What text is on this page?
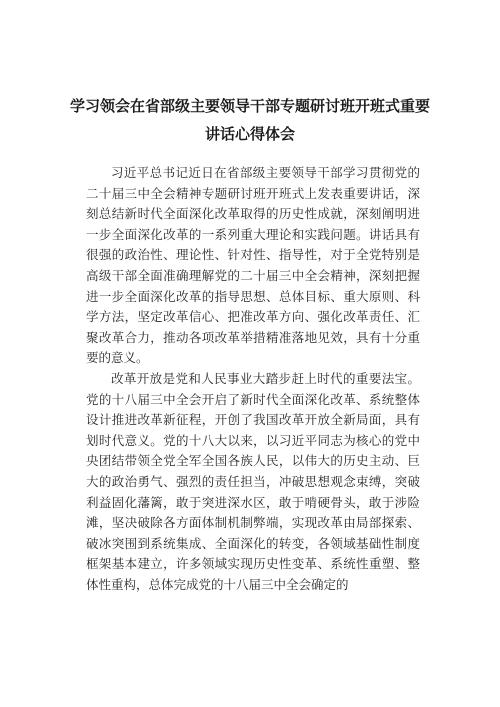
学习领会在省部级主要领导干部专题研讨班开班式重要
讲话心得体会

习近平总书记近日在省部级主要领导干部学习贯彻党的二十届三中全会精神专题研讨班开班式上发表重要讲话，深刻总结新时代全面深化改革取得的历史性成就，深刻阐明进一步全面深化改革的一系列重大理论和实践问题。讲话具有很强的政治性、理论性、针对性、指导性，对于全党特别是高级干部全面准确理解党的二十届三中全会精神，深刻把握进一步全面深化改革的指导思想、总体目标、重大原则、科学方法，坚定改革信心、把准改革方向、强化改革责任、汇聚改革合力，推动各项改革举措精准落地见效，具有十分重要的意义。

改革开放是党和人民事业大踏步赶上时代的重要法宝。党的十八届三中全会开启了新时代全面深化改革、系统整体设计推进改革新征程，开创了我国改革开放全新局面，具有划时代意义。党的十八大以来，以习近平同志为核心的党中央团结带领全党全军全国各族人民，以伟大的历史主动、巨大的政治勇气、强烈的责任担当，冲破思想观念束缚，突破利益固化藩篱，敢于突进深水区，敢于啃硬骨头，敢于涉险滩，坚决破除各方面体制机制弊端，实现改革由局部探索、破冰突围到系统集成、全面深化的转变，各领域基础性制度框架基本建立，许多领域实现历史性变革、系统性重塑、整体性重构，总体完成党的十八届三中全会确定的
